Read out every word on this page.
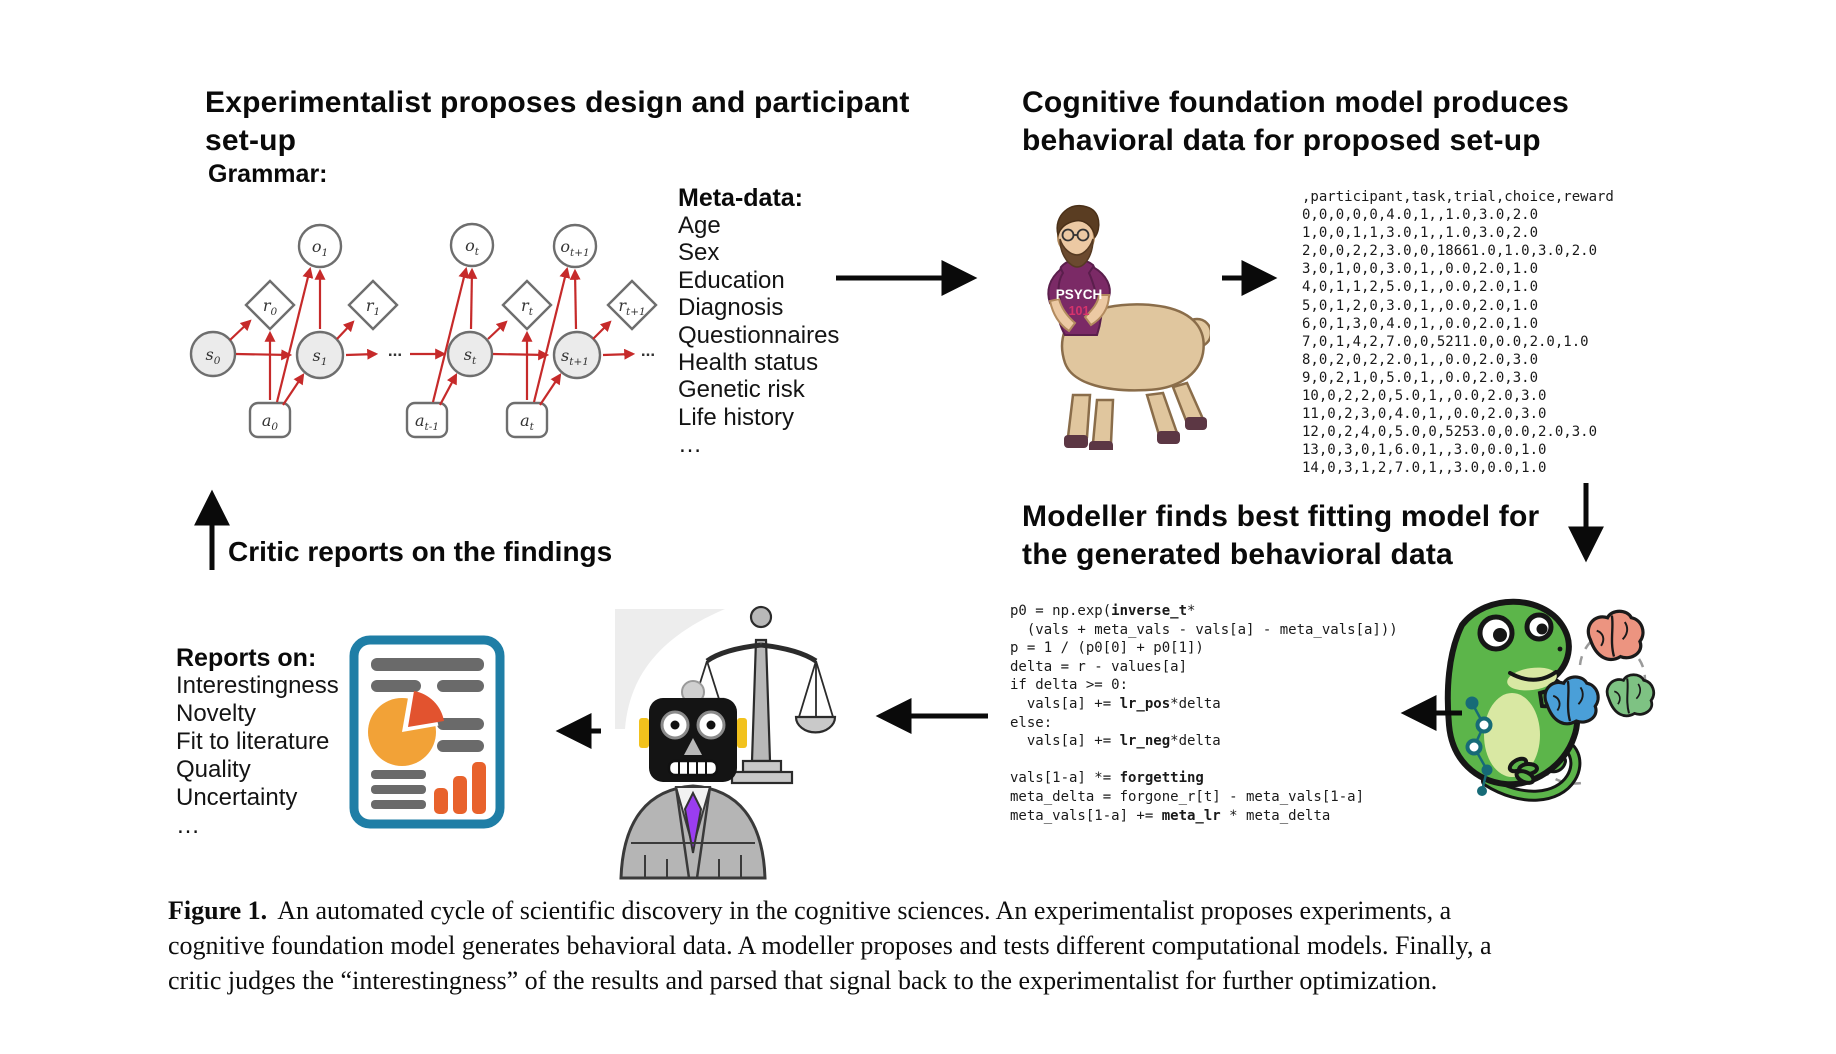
Experimentalist proposes design and participant
set-up
Grammar:
Cognitive foundation model produces
behavioral data for proposed set-up
Modeller finds best fitting model for
the generated behavioral data
Critic reports on the findings
$o_1$	$o_t$	$o_{t+1}$
$r_0$	$r_1$	$r_t$	$r_{t+1}$
$s_0$	$s_1$	$s_t$	$s_{t+1}$
$a_0$	$a_{t-1}$	$a_t$
...	...
Meta-data:
Age
Sex
Education
Diagnosis
Questionnaires
Health status
Genetic risk
Life history
…
,participant,task,trial,choice,reward
0,0,0,0,0,4.0,1,,1.0,3.0,2.0
1,0,0,1,1,3.0,1,,1.0,3.0,2.0
2,0,0,2,2,3.0,0,18661.0,1.0,3.0,2.0
3,0,1,0,0,3.0,1,,0.0,2.0,1.0
4,0,1,1,2,5.0,1,,0.0,2.0,1.0
5,0,1,2,0,3.0,1,,0.0,2.0,1.0
6,0,1,3,0,4.0,1,,0.0,2.0,1.0
7,0,1,4,2,7.0,0,5211.0,0.0,2.0,1.0
8,0,2,0,2,2.0,1,,0.0,2.0,3.0
9,0,2,1,0,5.0,1,,0.0,2.0,3.0
10,0,2,2,0,5.0,1,,0.0,2.0,3.0
11,0,2,3,0,4.0,1,,0.0,2.0,3.0
12,0,2,4,0,5.0,0,5253.0,0.0,2.0,3.0
13,0,3,0,1,6.0,1,,3.0,0.0,1.0
14,0,3,1,2,7.0,1,,3.0,0.0,1.0
p0 = np.exp(inverse_t*
(vals + meta_vals - vals[a] - meta_vals[a]))
p = 1 / (p0[0] + p0[1])
delta = r - values[a]
if delta >= 0:
vals[a] += lr_pos*delta
else:
vals[a] += lr_neg*delta

vals[1-a] *= forgetting
meta_delta = forgone_r[t] - meta_vals[1-a]
meta_vals[1-a] += meta_lr * meta_delta
Reports on:
Interestingness
Novelty
Fit to literature
Quality
Uncertainty
…
PSYCH
101
Figure 1. An automated cycle of scientific discovery in the cognitive sciences. An experimentalist proposes experiments, a
cognitive foundation model generates behavioral data. A modeller proposes and tests different computational models. Finally, a
critic judges the “interestingness” of the results and parsed that signal back to the experimentalist for further optimization.
